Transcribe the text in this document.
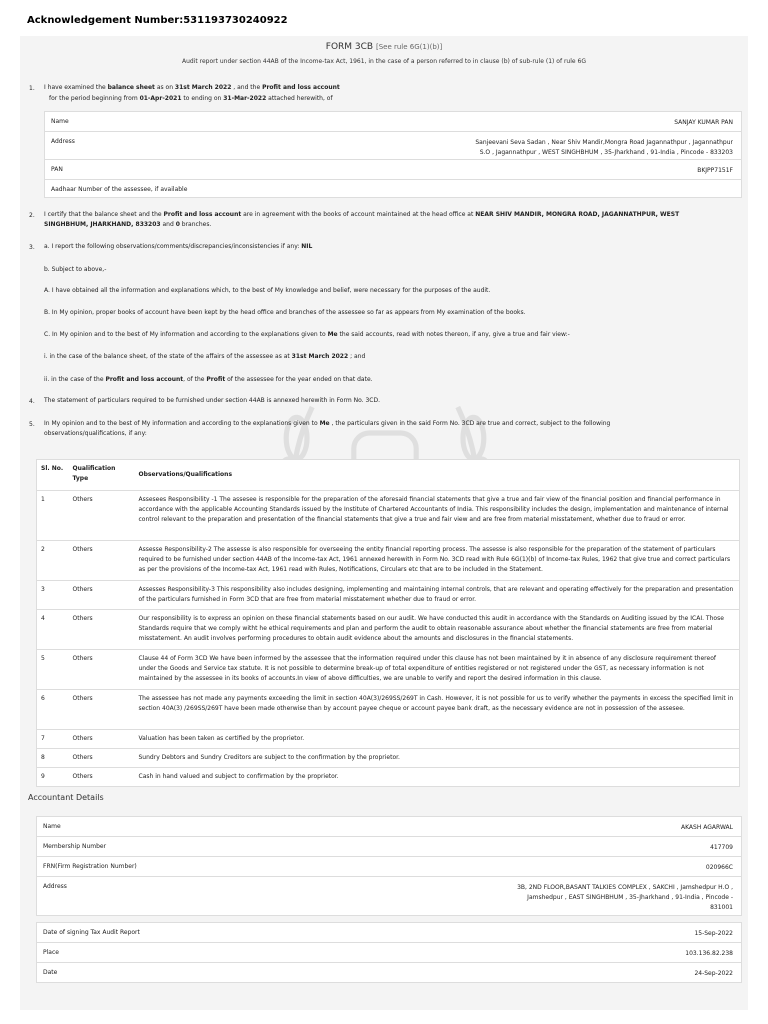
Acknowledgement Number:531193730240922
FORM 3CB [See rule 6G(1)(b)]
Audit report under section 44AB of the Income-tax Act, 1961, in the case of a person referred to in clause (b) of sub-rule (1) of rule 6G
1. I have examined the balance sheet as on 31st March 2022 , and the Profit and loss account
for the period beginning from 01-Apr-2021 to ending on 31-Mar-2022 attached herewith, of
Name	SANJAY KUMAR PAN
Address	Sanjeevani Seva Sadan , Near Shiv Mandir,Mongra Road Jagannathpur , Jagannathpur
S.O , Jagannathpur , WEST SINGHBHUM , 35-Jharkhand , 91-India , Pincode - 833203
PAN	BKJPP7151F
Aadhaar Number of the assessee, if available
2. I certify that the balance sheet and the Profit and loss account are in agreement with the books of account maintained at the head office at NEAR SHIV MANDIR, MONGRA ROAD, JAGANNATHPUR, WEST
SINGHBHUM, JHARKHAND, 833203 and 0 branches.
3. a. I report the following observations/comments/discrepancies/inconsistencies if any: NIL
b. Subject to above,-
A. I have obtained all the information and explanations which, to the best of My knowledge and belief, were necessary for the purposes of the audit.
B. In My opinion, proper books of account have been kept by the head office and branches of the assessee so far as appears from My examination of the books.
C. In My opinion and to the best of My information and according to the explanations given to Me the said accounts, read with notes thereon, if any, give a true and fair view:-
i. in the case of the balance sheet, of the state of the affairs of the assessee as at 31st March 2022 ; and
ii. in the case of the Profit and loss account, of the Profit of the assessee for the year ended on that date.
4. The statement of particulars required to be furnished under section 44AB is annexed herewith in Form No. 3CD.
5. In My opinion and to the best of My information and according to the explanations given to Me , the particulars given in the said Form No. 3CD are true and correct, subject to the following
observations/qualifications, if any:
Sl. No.	Qualification Type	Observations/Qualifications
1	Others	Assesees Responsibility -1 The assesee is responsible for the preparation of the aforesaid financial statements that give a true and fair view of the financial position and financial performance in accordance with the applicable Accounting Standards issued by the Institute of Chartered Accountants of India. This responsibility includes the design, implementation and maintenance of internal control relevant to the preparation and presentation of the financial statements that give a true and fair view and are free from material misstatement, whether due to fraud or error.
2	Others	Assesse Responsibility-2 The assesse is also responsible for overseeing the entity financial reporting process. The assesse is also responsible for the preparation of the statement of particulars required to be furnished under section 44AB of the Income-tax Act, 1961 annexed herewith in Form No. 3CD read with Rule 6G(1)(b) of Income-tax Rules, 1962 that give true and correct particulars as per the provisions of the Income-tax Act, 1961 read with Rules, Notifications, Circulars etc that are to be included in the Statement.
3	Others	Assesses Responsibility-3 This responsibility also includes designing, implementing and maintaining internal controls, that are relevant and operating effectively for the preparation and presentation of the particulars furnished in Form 3CD that are free from material misstatement whether due to fraud or error.
4	Others	Our responsibility is to express an opinion on these financial statements based on our audit. We have conducted this audit in accordance with the Standards on Auditing issued by the ICAI. Those Standards require that we comply witht he ethical requirements and plan and perform the audit to obtain reasonable assurance about whether the financial statements are free from material misstatement. An audit involves performing procedures to obtain audit evidence about the amounts and disclosures in the financial statements.
5	Others	Clause 44 of Form 3CD We have been informed by the assessee that the information required under this clause has not been maintained by it in absence of any disclosure requirement thereof under the Goods and Service tax statute. It is not possible to determine break-up of total expenditure of entities registered or not registered under the GST, as necessary information is not maintained by the assessee in its books of accounts.In view of above difficulties, we are unable to verify and report the desired information in this clause.
6	Others	The assessee has not made any payments exceeding the limit in section 40A(3)/269SS/269T in Cash. However, it is not possible for us to verify whether the payments in excess the specified limit in section 40A(3) /269SS/269T have been made otherwise than by account payee cheque or account payee bank draft, as the necessary evidence are not in possession of the assesee.
7	Others	Valuation has been taken as certified by the proprietor.
8	Others	Sundry Debtors and Sundry Creditors are subject to the confirmation by the proprietor.
9	Others	Cash in hand valued and subject to confirmation by the proprietor.
Accountant Details
Name	AKASH AGARWAL
Membership Number	417709
FRN(Firm Registration Number)	020966C
Address	3B, 2ND FLOOR,BASANT TALKIES COMPLEX , SAKCHI , Jamshedpur H.O ,
Jamshedpur , EAST SINGHBHUM , 35-Jharkhand , 91-India , Pincode -
831001
Date of signing Tax Audit Report	15-Sep-2022
Place	103.136.82.238
Date	24-Sep-2022
